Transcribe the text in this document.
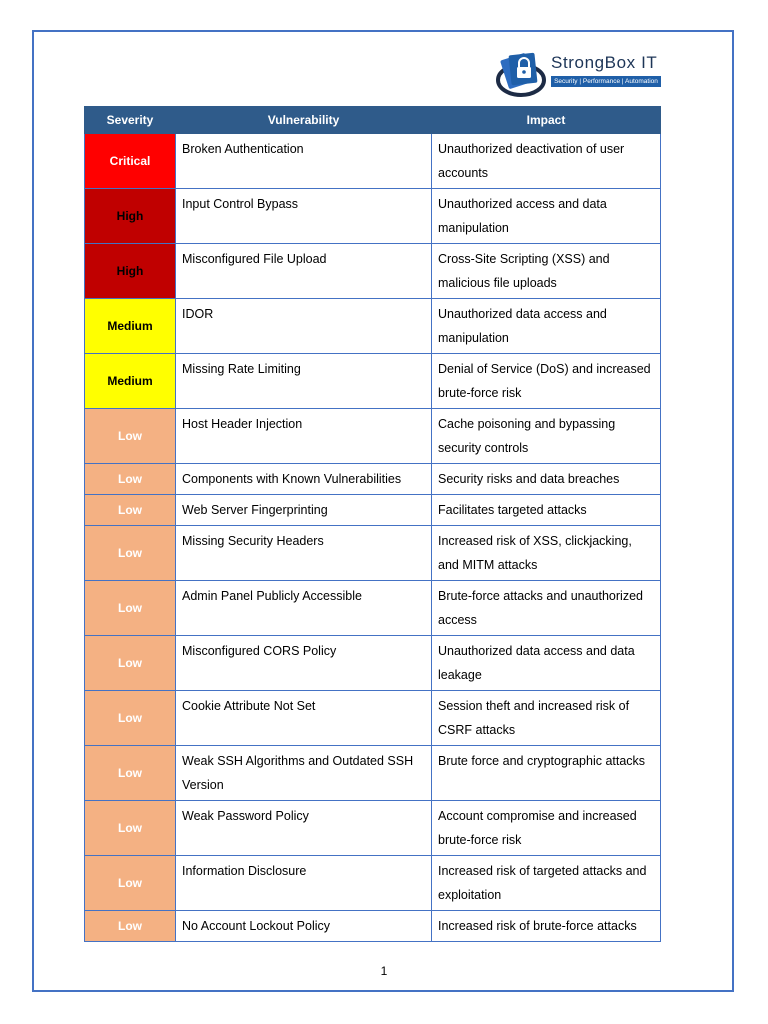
StrongBox IT
Security | Performance | Automation
Severity	Vulnerability	Impact
Critical	Broken Authentication	Unauthorized deactivation of user accounts
High	Input Control Bypass	Unauthorized access and data manipulation
High	Misconfigured File Upload	Cross-Site Scripting (XSS) and malicious file uploads
Medium	IDOR	Unauthorized data access and manipulation
Medium	Missing Rate Limiting	Denial of Service (DoS) and increased brute-force risk
Low	Host Header Injection	Cache poisoning and bypassing security controls
Low	Components with Known Vulnerabilities	Security risks and data breaches
Low	Web Server Fingerprinting	Facilitates targeted attacks
Low	Missing Security Headers	Increased risk of XSS, clickjacking, and MITM attacks
Low	Admin Panel Publicly Accessible	Brute-force attacks and unauthorized access
Low	Misconfigured CORS Policy	Unauthorized data access and data leakage
Low	Cookie Attribute Not Set	Session theft and increased risk of CSRF attacks
Low	Weak SSH Algorithms and Outdated SSH Version	Brute force and cryptographic attacks
Low	Weak Password Policy	Account compromise and increased brute-force risk
Low	Information Disclosure	Increased risk of targeted attacks and exploitation
Low	No Account Lockout Policy	Increased risk of brute-force attacks
1
